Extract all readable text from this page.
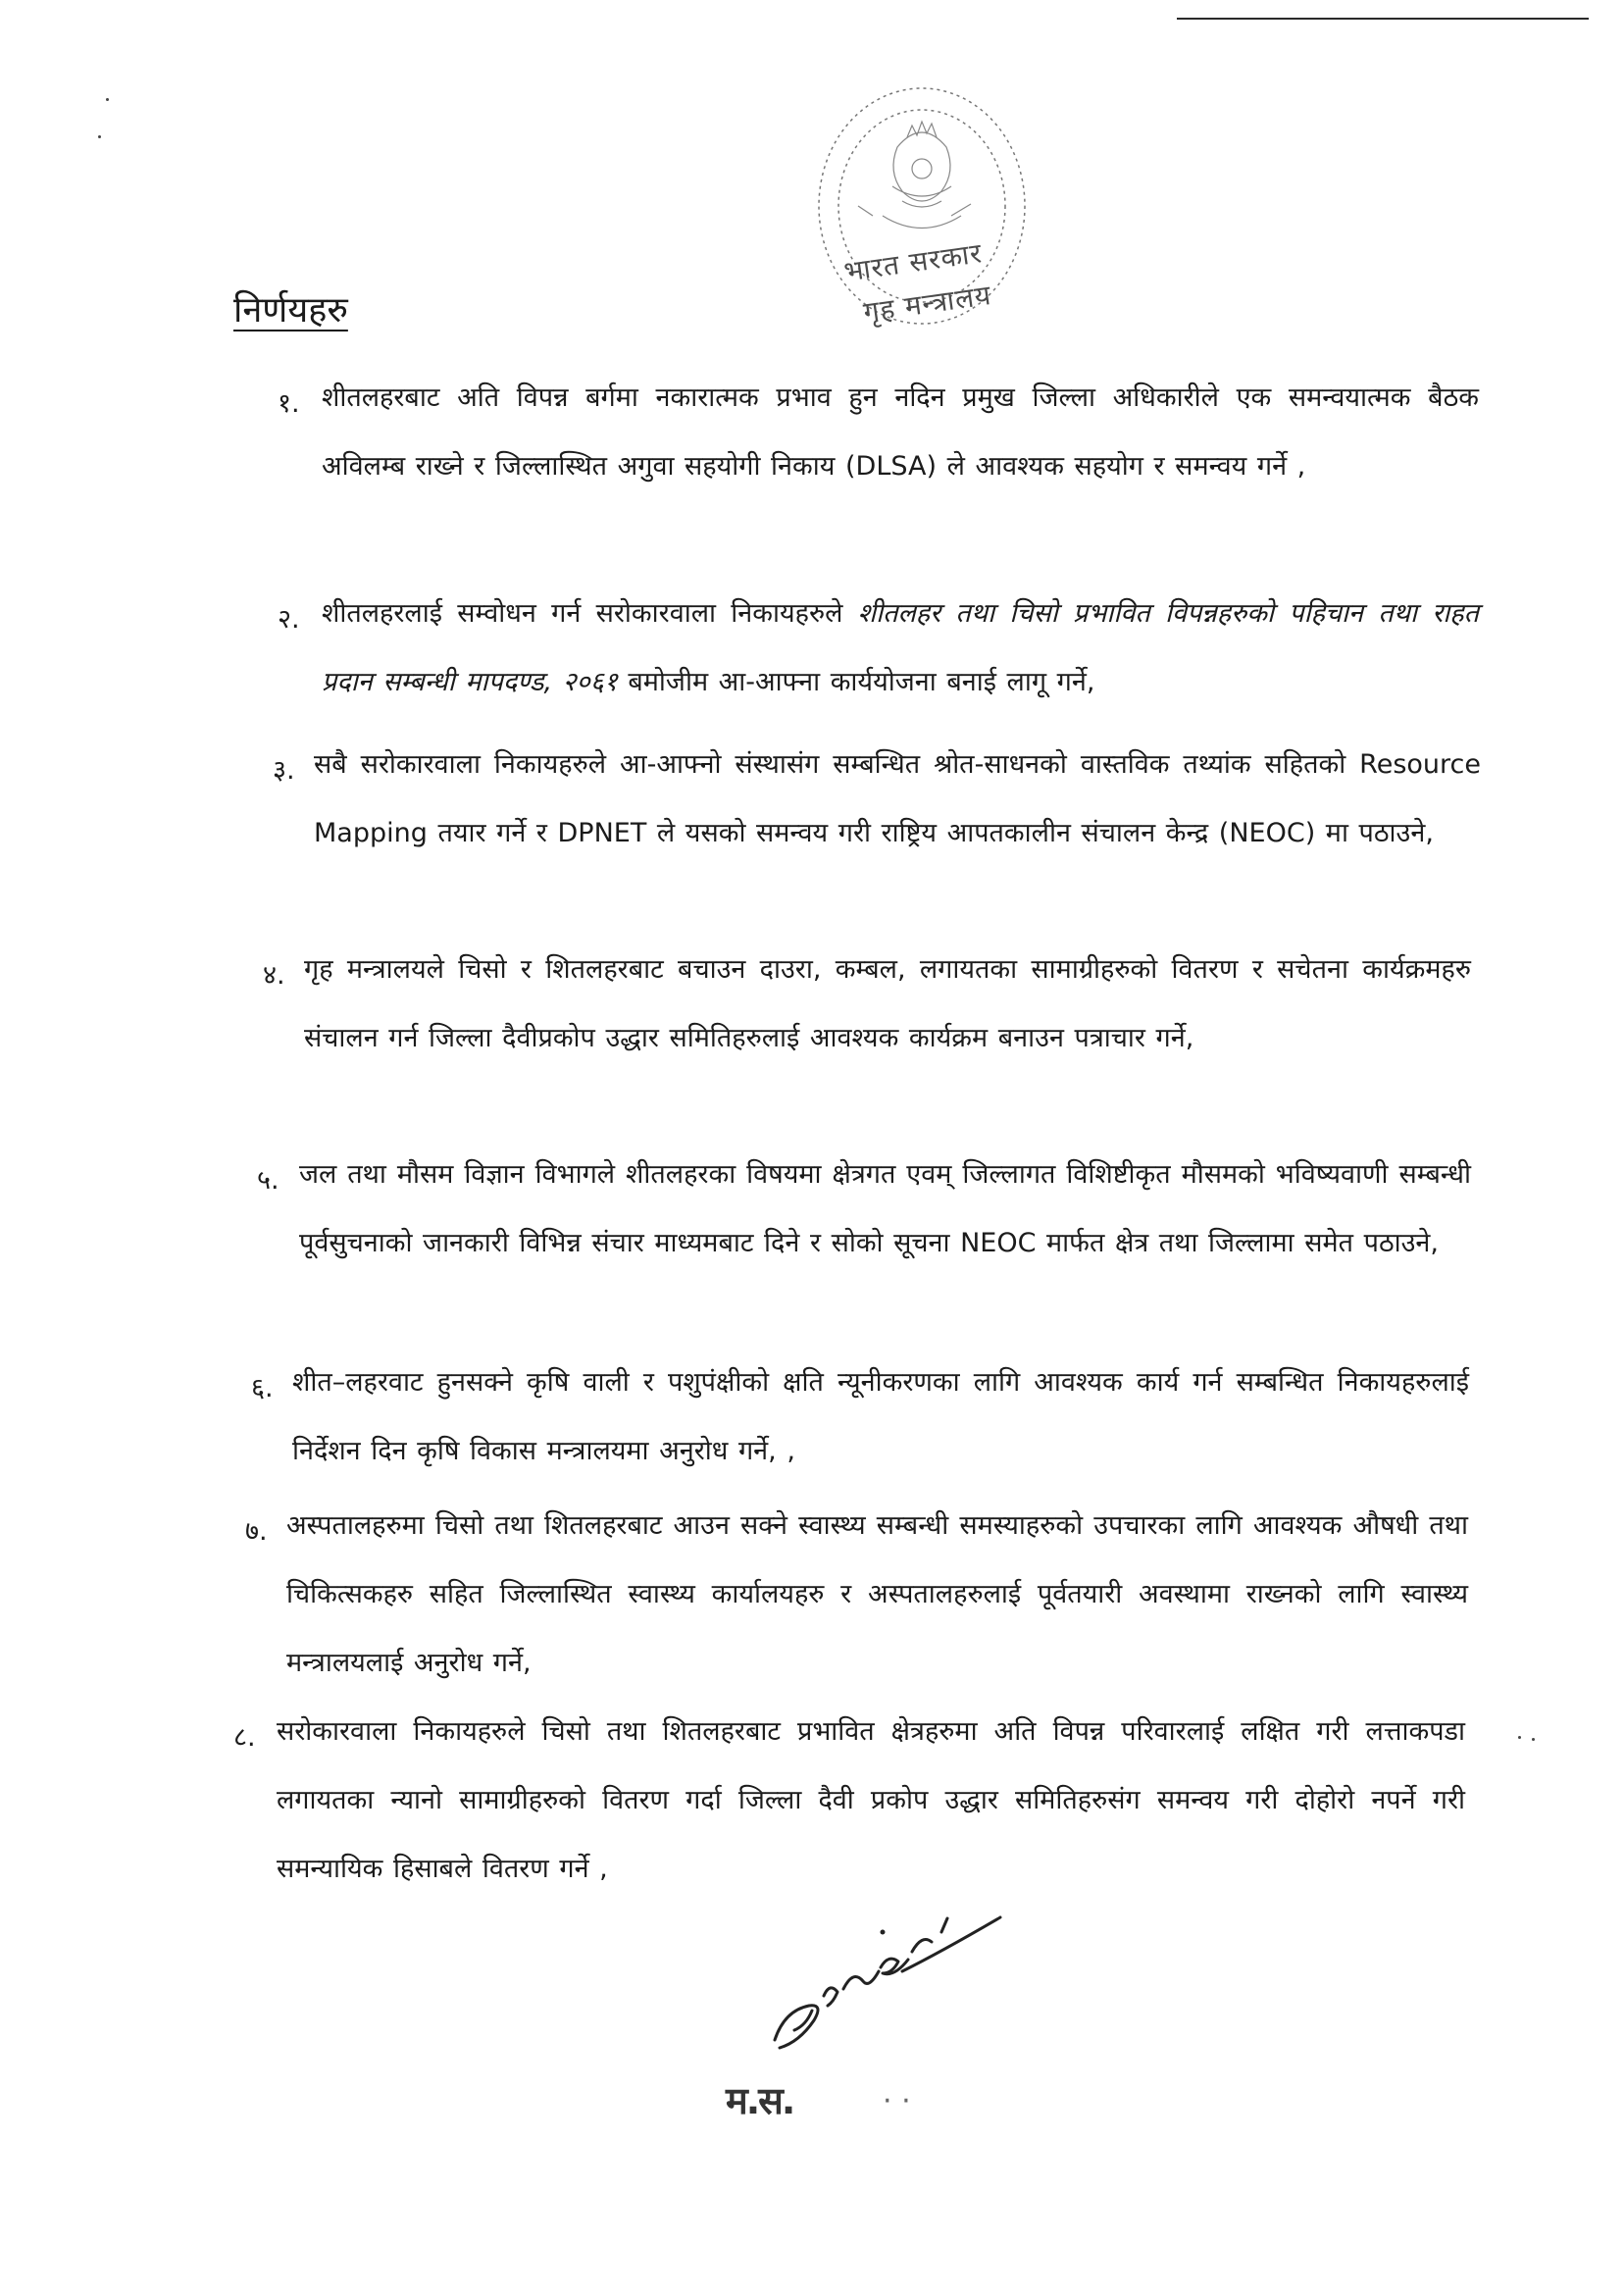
भारत सरकार
गृह मन्त्रालय
निर्णयहरु
१. शीतलहरबाट अति विपन्न बर्गमा नकारात्मक प्रभाव हुन नदिन प्रमुख जिल्ला अधिकारीले एक समन्वयात्मक बैठक अविलम्ब राख्ने र जिल्लास्थित अगुवा सहयोगी निकाय (DLSA) ले आवश्यक सहयोग र समन्वय गर्ने ,
२. शीतलहरलाई सम्वोधन गर्न सरोकारवाला निकायहरुले शीतलहर तथा चिसो प्रभावित विपन्नहरुको पहिचान तथा राहत प्रदान सम्बन्धी मापदण्ड, २०६१ बमोजीम आ-आफ्ना कार्ययोजना बनाई लागू गर्ने,
३. सबै सरोकारवाला निकायहरुले आ-आफ्नो संस्थासंग सम्बन्धित श्रोत-साधनको वास्तविक तथ्यांक सहितको Resource Mapping तयार गर्ने र DPNET ले यसको समन्वय गरी राष्ट्रिय आपतकालीन संचालन केन्द्र (NEOC) मा पठाउने,
४. गृह मन्त्रालयले चिसो र शितलहरबाट बचाउन दाउरा, कम्बल, लगायतका सामाग्रीहरुको वितरण र सचेतना कार्यक्रमहरु संचालन गर्न जिल्ला दैवीप्रकोप उद्धार समितिहरुलाई आवश्यक कार्यक्रम बनाउन पत्राचार गर्ने,
५. जल तथा मौसम विज्ञान विभागले शीतलहरका विषयमा क्षेत्रगत एवम् जिल्लागत विशिष्टीकृत मौसमको भविष्यवाणी सम्बन्धी पूर्वसुचनाको जानकारी विभिन्न संचार माध्यमबाट दिने र सोको सूचना NEOC मार्फत क्षेत्र तथा जिल्लामा समेत पठाउने,
६. शीत–लहरवाट हुनसक्ने कृषि वाली र पशुपंक्षीको क्षति न्यूनीकरणका लागि आवश्यक कार्य गर्न सम्बन्धित निकायहरुलाई निर्देशन दिन कृषि विकास मन्त्रालयमा अनुरोध गर्ने, ,
७. अस्पतालहरुमा चिसो तथा शितलहरबाट आउन सक्ने स्वास्थ्य सम्बन्धी समस्याहरुको उपचारका लागि आवश्यक औषधी तथा चिकित्सकहरु सहित जिल्लास्थित स्वास्थ्य कार्यालयहरु र अस्पतालहरुलाई पूर्वतयारी अवस्थामा राख्नको लागि स्वास्थ्य मन्त्रालयलाई अनुरोध गर्ने,
८. सरोकारवाला निकायहरुले चिसो तथा शितलहरबाट प्रभावित क्षेत्रहरुमा अति विपन्न परिवारलाई लक्षित गरी लत्ताकपडा लगायतका न्यानो सामाग्रीहरुको वितरण गर्दा जिल्ला दैवी प्रकोप उद्धार समितिहरुसंग समन्वय गरी दोहोरो नपर्ने गरी समन्यायिक हिसाबले वितरण गर्ने ,
म.स.	· ·
